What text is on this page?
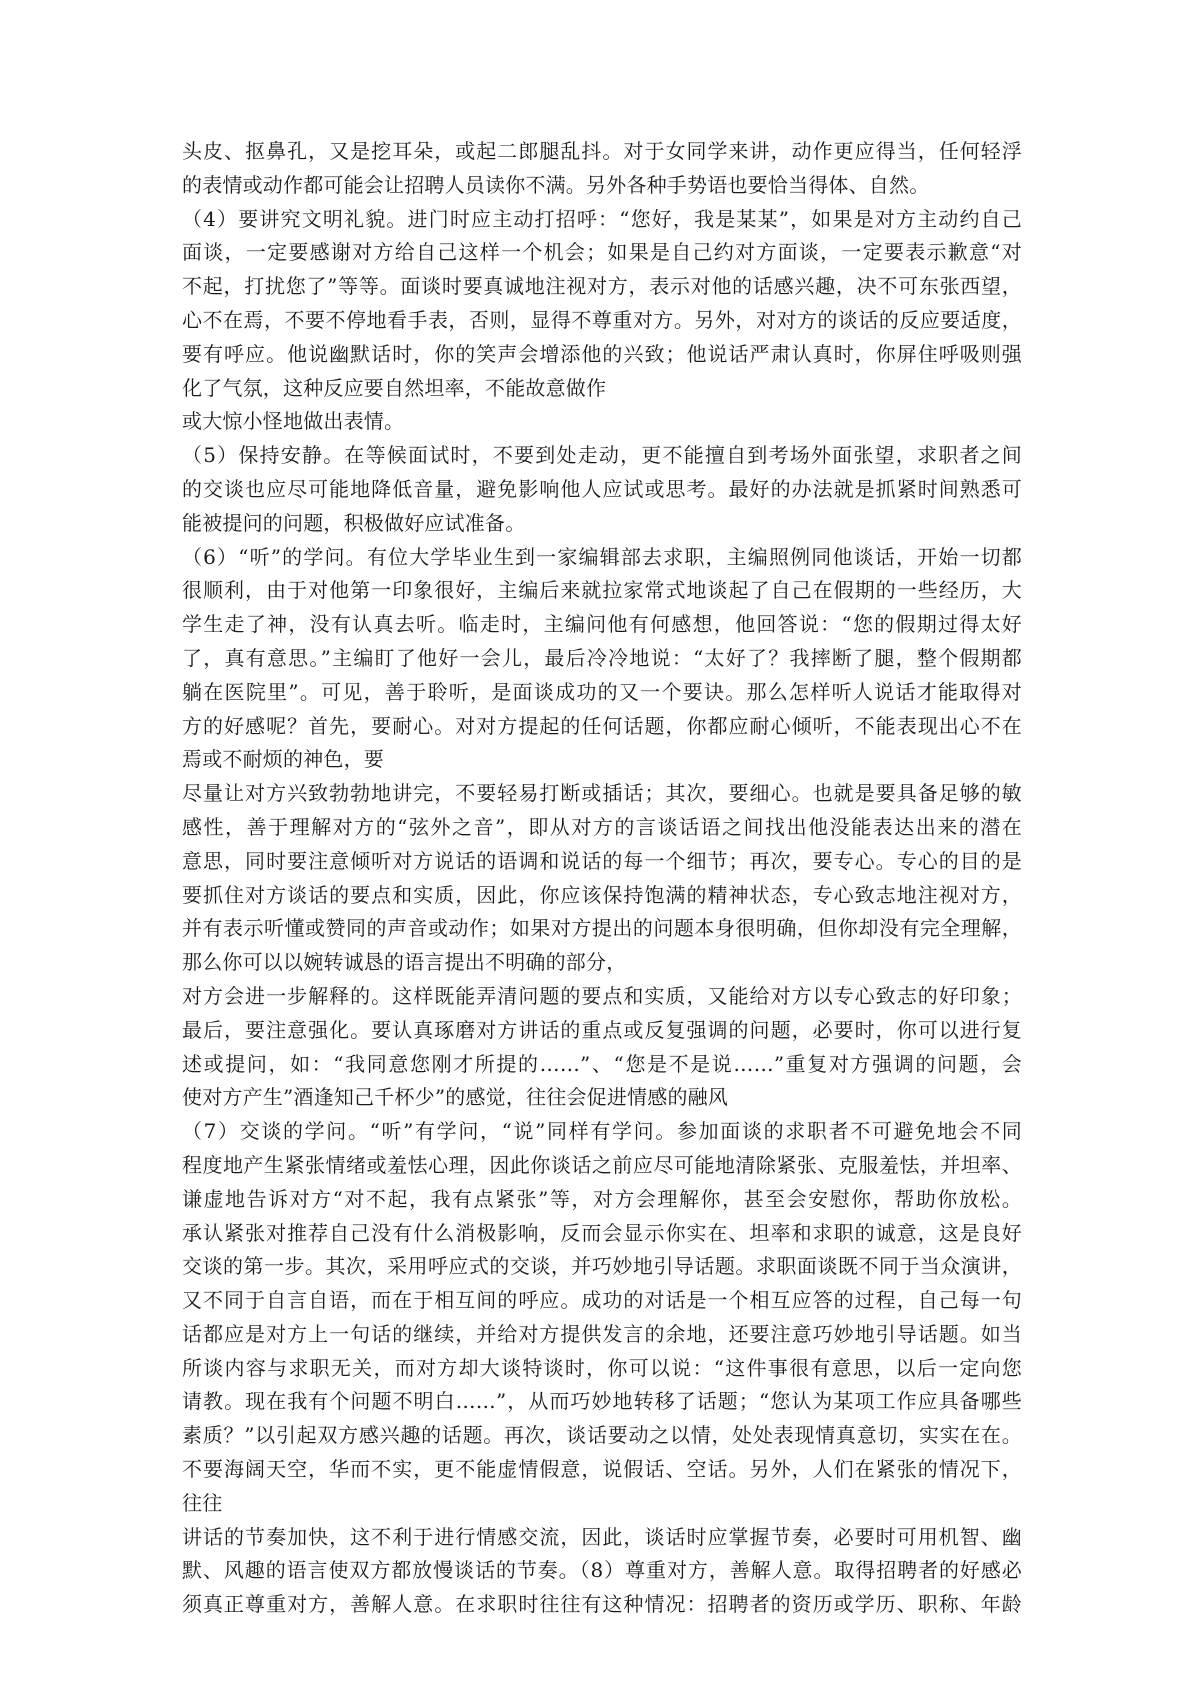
头皮、抠鼻孔，又是挖耳朵，或起二郎腿乱抖。对于女同学来讲，动作更应得当，任何轻浮
的表情或动作都可能会让招聘人员读你不满。另外各种手势语也要恰当得体、自然。
（4）要讲究文明礼貌。进门时应主动打招呼：“您好，我是某某”，如果是对方主动约自己
面谈，一定要感谢对方给自己这样一个机会；如果是自己约对方面谈，一定要表示歉意“对
不起，打扰您了”等等。面谈时要真诚地注视对方，表示对他的话感兴趣，决不可东张西望，
心不在焉，不要不停地看手表，否则，显得不尊重对方。另外，对对方的谈话的反应要适度，
要有呼应。他说幽默话时，你的笑声会增添他的兴致；他说话严肃认真时，你屏住呼吸则强
化了气氛，这种反应要自然坦率，不能故意做作
或大惊小怪地做出表情。
（5）保持安静。在等候面试时，不要到处走动，更不能擅自到考场外面张望，求职者之间
的交谈也应尽可能地降低音量，避免影响他人应试或思考。最好的办法就是抓紧时间熟悉可
能被提问的问题，积极做好应试准备。
（6）“听”的学问。有位大学毕业生到一家编辑部去求职，主编照例同他谈话，开始一切都
很顺利，由于对他第一印象很好，主编后来就拉家常式地谈起了自己在假期的一些经历，大
学生走了神，没有认真去听。临走时，主编问他有何感想，他回答说：“您的假期过得太好
了，真有意思。”主编盯了他好一会儿，最后冷冷地说：“太好了？我摔断了腿，整个假期都
躺在医院里”。可见，善于聆听，是面谈成功的又一个要诀。那么怎样听人说话才能取得对
方的好感呢？首先，要耐心。对对方提起的任何话题，你都应耐心倾听，不能表现出心不在
焉或不耐烦的神色，要
尽量让对方兴致勃勃地讲完，不要轻易打断或插话；其次，要细心。也就是要具备足够的敏
感性，善于理解对方的“弦外之音”，即从对方的言谈话语之间找出他没能表达出来的潜在
意思，同时要注意倾听对方说话的语调和说话的每一个细节；再次，要专心。专心的目的是
要抓住对方谈话的要点和实质，因此，你应该保持饱满的精神状态，专心致志地注视对方，
并有表示听懂或赞同的声音或动作；如果对方提出的问题本身很明确，但你却没有完全理解，
那么你可以以婉转诚恳的语言提出不明确的部分，
对方会进一步解释的。这样既能弄清问题的要点和实质，又能给对方以专心致志的好印象；
最后，要注意强化。要认真琢磨对方讲话的重点或反复强调的问题，必要时，你可以进行复
述或提问，如：“我同意您刚才所提的……”、“您是不是说……”重复对方强调的问题，会
使对方产生”酒逢知己千杯少”的感觉，往往会促进情感的融风
（7）交谈的学问。“听”有学问，“说”同样有学问。参加面谈的求职者不可避免地会不同
程度地产生紧张情绪或羞怯心理，因此你谈话之前应尽可能地清除紧张、克服羞怯，并坦率、
谦虚地告诉对方“对不起，我有点紧张”等，对方会理解你，甚至会安慰你，帮助你放松。
承认紧张对推荐自己没有什么消极影响，反而会显示你实在、坦率和求职的诚意，这是良好
交谈的第一步。其次，采用呼应式的交谈，并巧妙地引导话题。求职面谈既不同于当众演讲，
又不同于自言自语，而在于相互间的呼应。成功的对话是一个相互应答的过程，自己每一句
话都应是对方上一句话的继续，并给对方提供发言的余地，还要注意巧妙地引导话题。如当
所谈内容与求职无关，而对方却大谈特谈时，你可以说：“这件事很有意思，以后一定向您
请教。现在我有个问题不明白……”，从而巧妙地转移了话题；“您认为某项工作应具备哪些
素质？”以引起双方感兴趣的话题。再次，谈话要动之以情，处处表现情真意切，实实在在。
不要海阔天空，华而不实，更不能虚情假意，说假话、空话。另外，人们在紧张的情况下，
往往
讲话的节奏加快，这不利于进行情感交流，因此，谈话时应掌握节奏，必要时可用机智、幽
默、风趣的语言使双方都放慢谈话的节奏。（8）尊重对方，善解人意。取得招聘者的好感必
须真正尊重对方，善解人意。在求职时往往有这种情况：招聘者的资历或学历、职称、年龄
